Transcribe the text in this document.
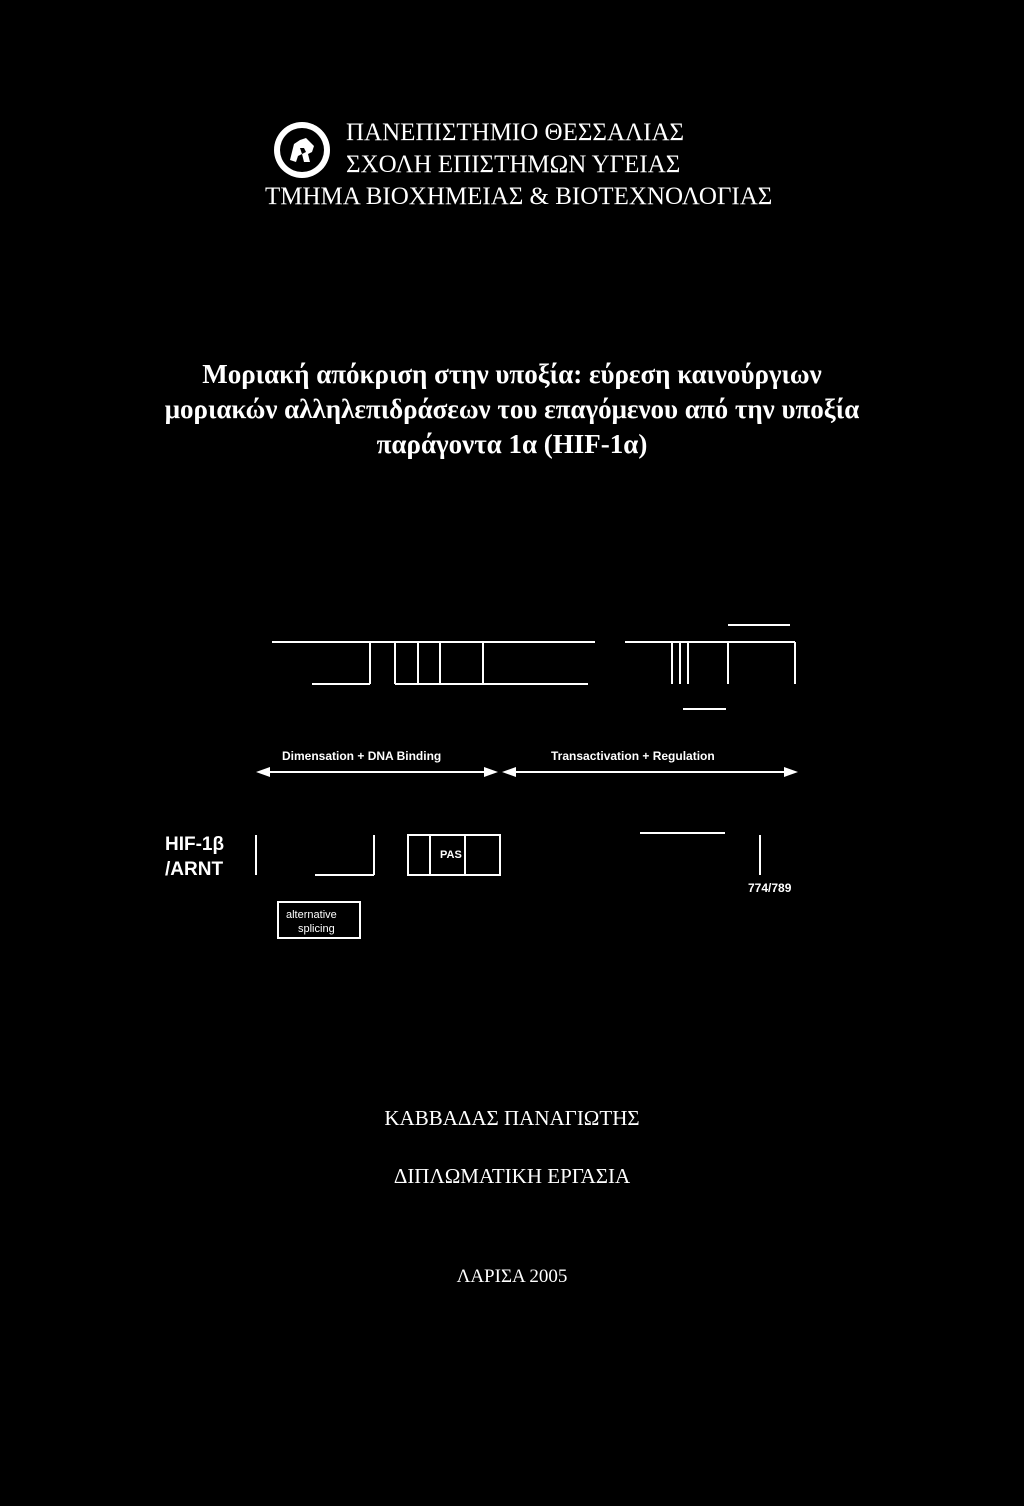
ΠΑΝΕΠΙΣΤΗΜΙΟ ΘΕΣΣΑΛΙΑΣ
ΣΧΟΛΗ ΕΠΙΣΤΗΜΩΝ ΥΓΕΙΑΣ
ΤΜΗΜΑ ΒΙΟΧΗΜΕΙΑΣ & ΒΙΟΤΕΧΝΟΛΟΓΙΑΣ
Μοριακή απόκριση στην υποξία: εύρεση καινούργιων
μοριακών αλληλεπιδράσεων του επαγόμενου από την υποξία
παράγοντα 1α (HIF-1α)
Dimensation + DNA Binding	Transactivation + Regulation
HIF-1β
/ARNT
PAS
alternative
splicing
774/789
ΚΑΒΒΑΔΑΣ ΠΑΝΑΓΙΩΤΗΣ
ΔΙΠΛΩΜΑΤΙΚΗ ΕΡΓΑΣΙΑ
ΛΑΡΙΣΑ 2005
